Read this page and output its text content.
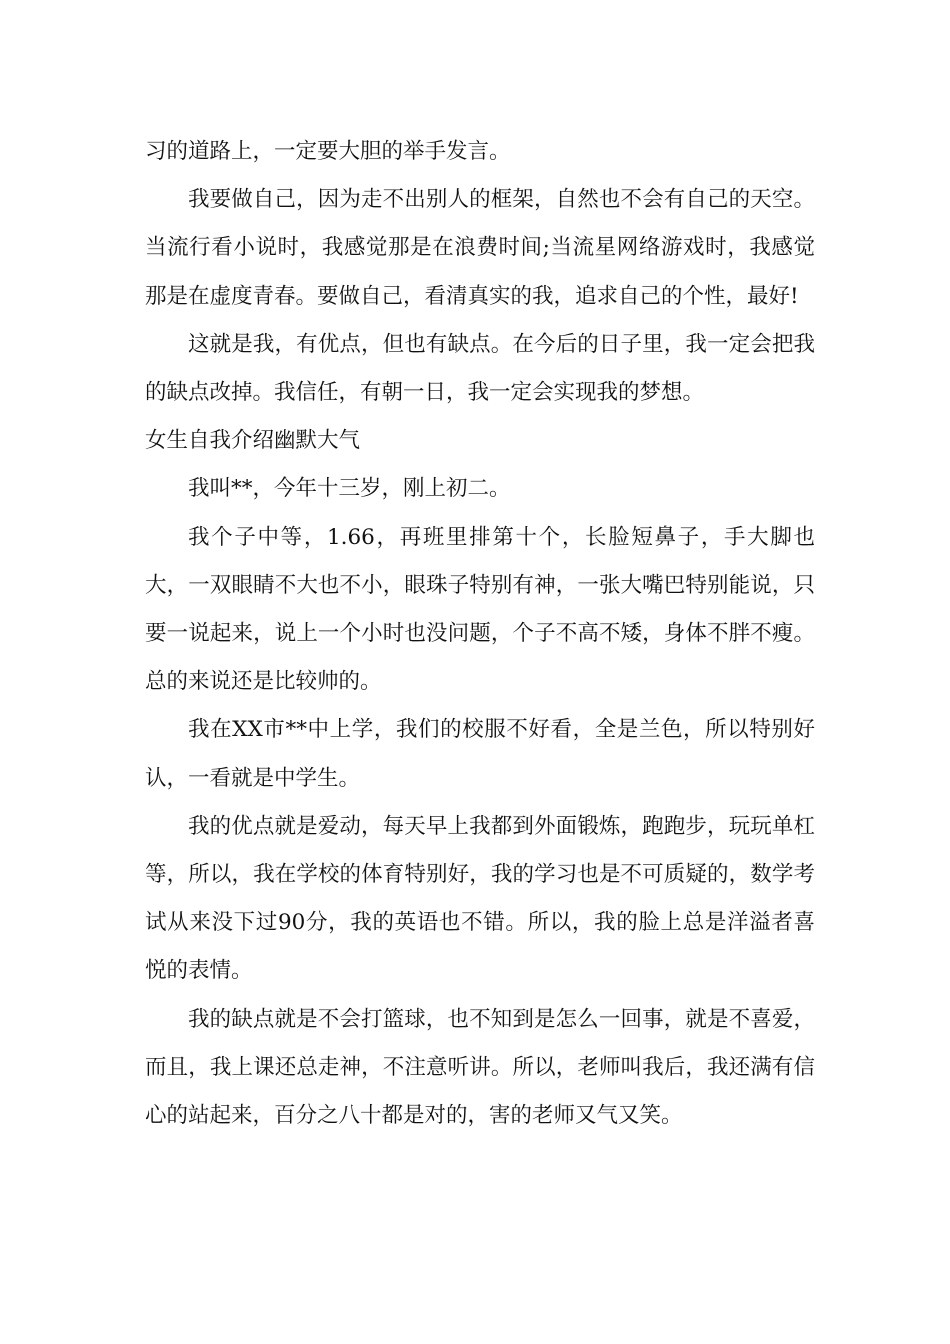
习的道路上，一定要大胆的举手发言。

我要做自己，因为走不出别人的框架，自然也不会有自己的天空。当流行看小说时，我感觉那是在浪费时间;当流星网络游戏时，我感觉那是在虚度青春。要做自己，看清真实的我，追求自己的个性，最好!

这就是我，有优点，但也有缺点。在今后的日子里，我一定会把我的缺点改掉。我信任，有朝一日，我一定会实现我的梦想。

女生自我介绍幽默大气

我叫**，今年十三岁，刚上初二。

我个子中等，1.66，再班里排第十个，长脸短鼻子，手大脚也大，一双眼睛不大也不小，眼珠子特别有神，一张大嘴巴特别能说，只要一说起来，说上一个小时也没问题，个子不高不矮，身体不胖不瘦。总的来说还是比较帅的。

我在XX市**中上学，我们的校服不好看，全是兰色，所以特别好认，一看就是中学生。

我的优点就是爱动，每天早上我都到外面锻炼，跑跑步，玩玩单杠等，所以，我在学校的体育特别好，我的学习也是不可质疑的，数学考试从来没下过90分，我的英语也不错。所以，我的脸上总是洋溢者喜悦的表情。

我的缺点就是不会打篮球，也不知到是怎么一回事，就是不喜爱，而且，我上课还总走神，不注意听讲。所以，老师叫我后，我还满有信心的站起来，百分之八十都是对的，害的老师又气又笑。
